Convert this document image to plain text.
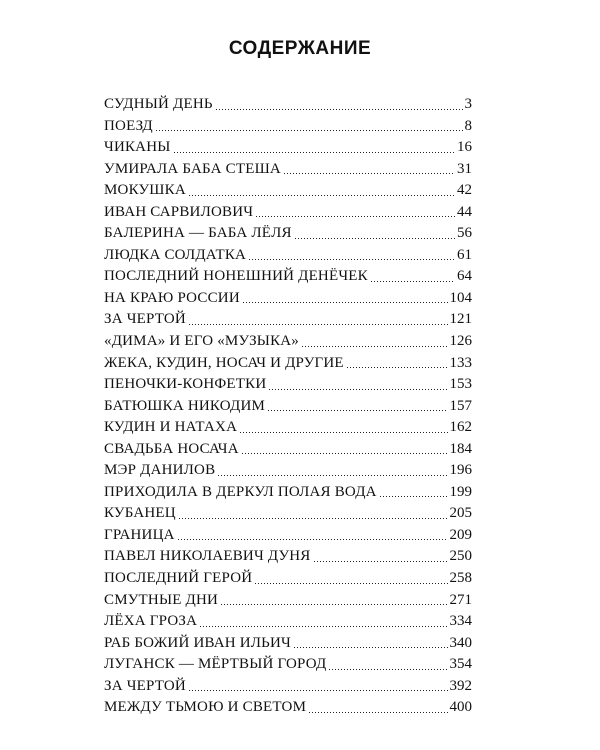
СОДЕРЖАНИЕ
СУДНЫЙ ДЕНЬ	3
ПОЕЗД	8
ЧИКАНЫ	16
УМИРАЛА БАБА СТЕША	31
МОКУШКА	42
ИВАН САРВИЛОВИЧ	44
БАЛЕРИНА — БАБА ЛЁЛЯ	56
ЛЮДКА СОЛДАТКА	61
ПОСЛЕДНИЙ НОНЕШНИЙ ДЕНЁЧЕК	64
НА КРАЮ РОССИИ	104
ЗА ЧЕРТОЙ	121
«ДИМА» И ЕГО «МУЗЫКА»	126
ЖЕКА, КУДИН, НОСАЧ И ДРУГИЕ	133
ПЕНОЧКИ-КОНФЕТКИ	153
БАТЮШКА НИКОДИМ	157
КУДИН И НАТАХА	162
СВАДЬБА НОСАЧА	184
МЭР ДАНИЛОВ	196
ПРИХОДИЛА В ДЕРКУЛ ПОЛАЯ ВОДА	199
КУБАНЕЦ	205
ГРАНИЦА	209
ПАВЕЛ НИКОЛАЕВИЧ ДУНЯ	250
ПОСЛЕДНИЙ ГЕРОЙ	258
СМУТНЫЕ ДНИ	271
ЛЁХА ГРОЗА	334
РАБ БОЖИЙ ИВАН ИЛЬИЧ	340
ЛУГАНСК — МЁРТВЫЙ ГОРОД	354
ЗА ЧЕРТОЙ	392
МЕЖДУ ТЬМОЮ И СВЕТОМ	400
